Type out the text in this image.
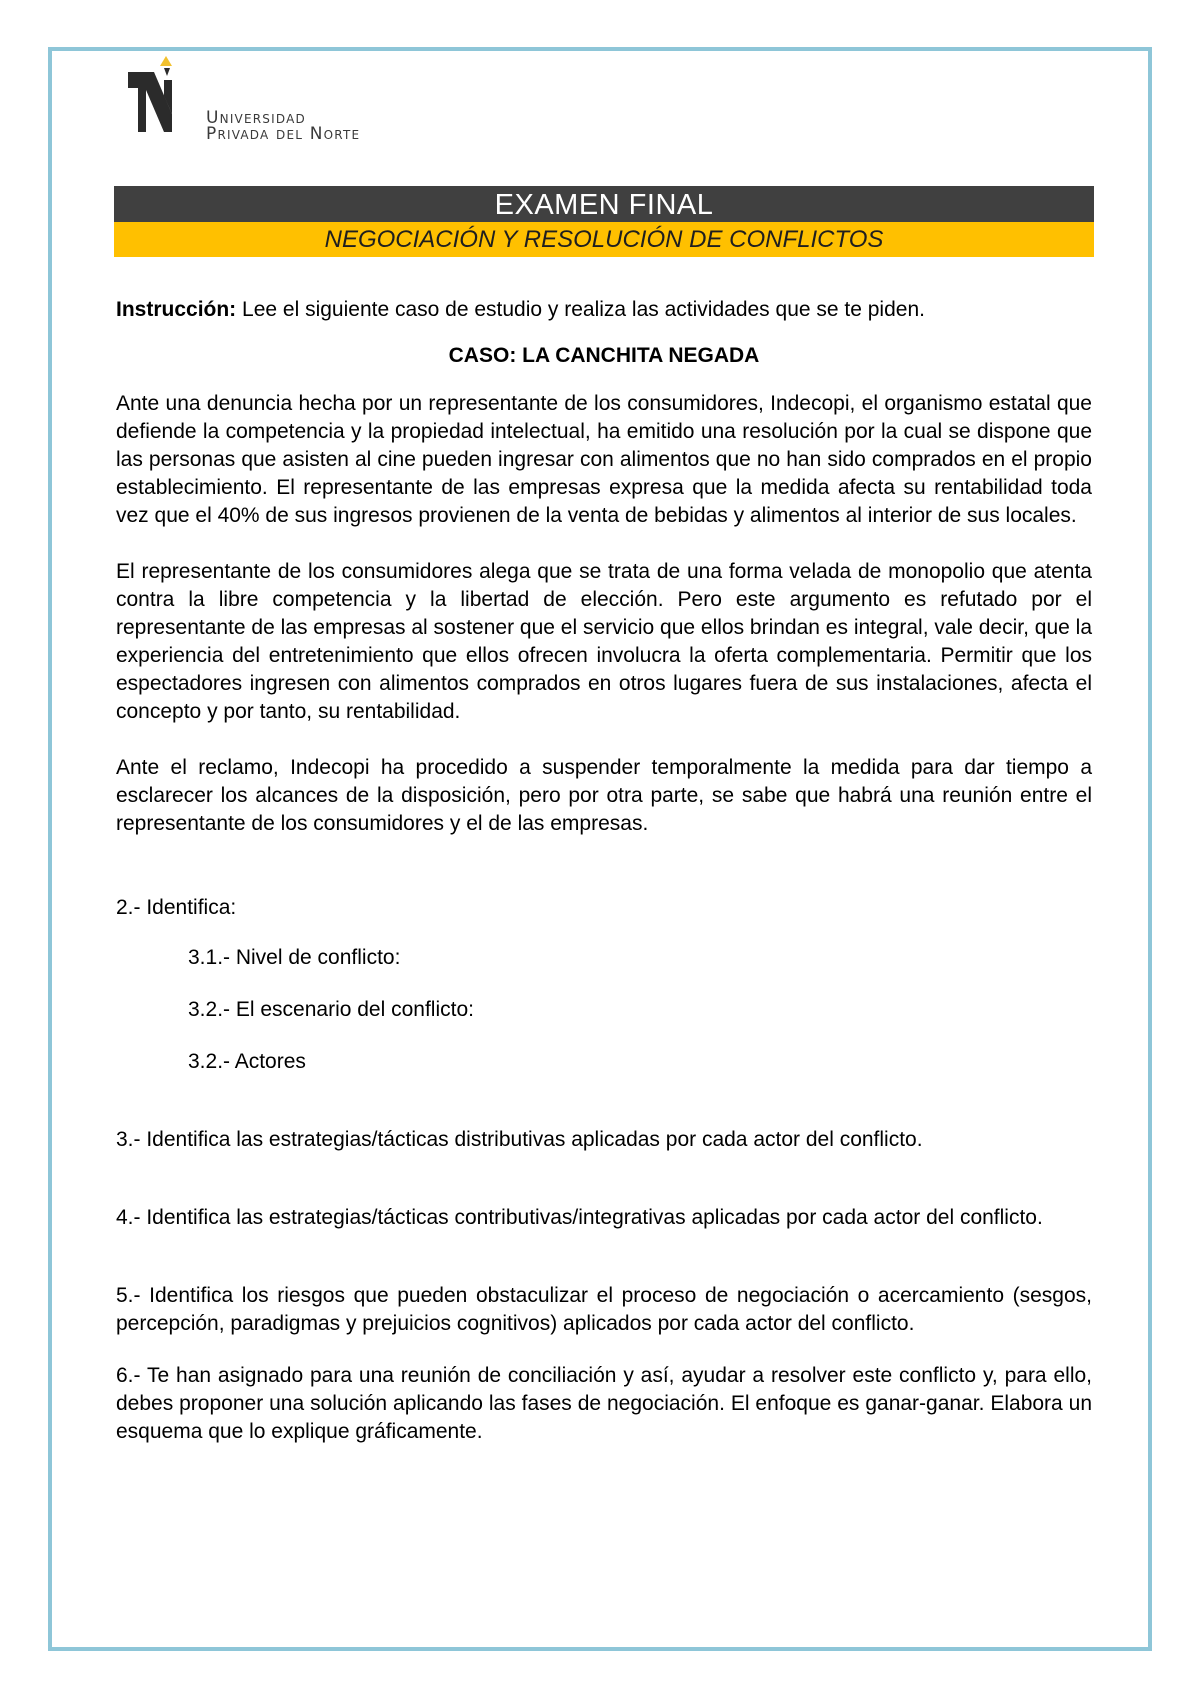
Universidad
Privada del Norte
EXAMEN FINAL
NEGOCIACIÓN Y RESOLUCIÓN DE CONFLICTOS

Instrucción: Lee el siguiente caso de estudio y realiza las actividades que se te piden.

CASO: LA CANCHITA NEGADA

Ante una denuncia hecha por un representante de los consumidores, Indecopi, el organismo estatal que defiende la competencia y la propiedad intelectual, ha emitido una resolución por la cual se dispone que las personas que asisten al cine pueden ingresar con alimentos que no han sido comprados en el propio establecimiento. El representante de las empresas expresa que la medida afecta su rentabilidad toda vez que el 40% de sus ingresos provienen de la venta de bebidas y alimentos al interior de sus locales.

El representante de los consumidores alega que se trata de una forma velada de monopolio que atenta contra la libre competencia y la libertad de elección. Pero este argumento es refutado por el representante de las empresas al sostener que el servicio que ellos brindan es integral, vale decir, que la experiencia del entretenimiento que ellos ofrecen involucra la oferta complementaria. Permitir que los espectadores ingresen con alimentos comprados en otros lugares fuera de sus instalaciones, afecta el concepto y por tanto, su rentabilidad.

Ante el reclamo, Indecopi ha procedido a suspender temporalmente la medida para dar tiempo a esclarecer los alcances de la disposición, pero por otra parte, se sabe que habrá una reunión entre el representante de los consumidores y el de las empresas.

2.- Identifica:

3.1.- Nivel de conflicto:

3.2.- El escenario del conflicto:

3.2.- Actores

3.- Identifica las estrategias/tácticas distributivas aplicadas por cada actor del conflicto.

4.- Identifica las estrategias/tácticas contributivas/integrativas aplicadas por cada actor del conflicto.

5.- Identifica los riesgos que pueden obstaculizar el proceso de negociación o acercamiento (sesgos, percepción, paradigmas y prejuicios cognitivos) aplicados por cada actor del conflicto.

6.- Te han asignado para una reunión de conciliación y así, ayudar a resolver este conflicto y, para ello, debes proponer una solución aplicando las fases de negociación. El enfoque es ganar-ganar. Elabora un esquema que lo explique gráficamente.
